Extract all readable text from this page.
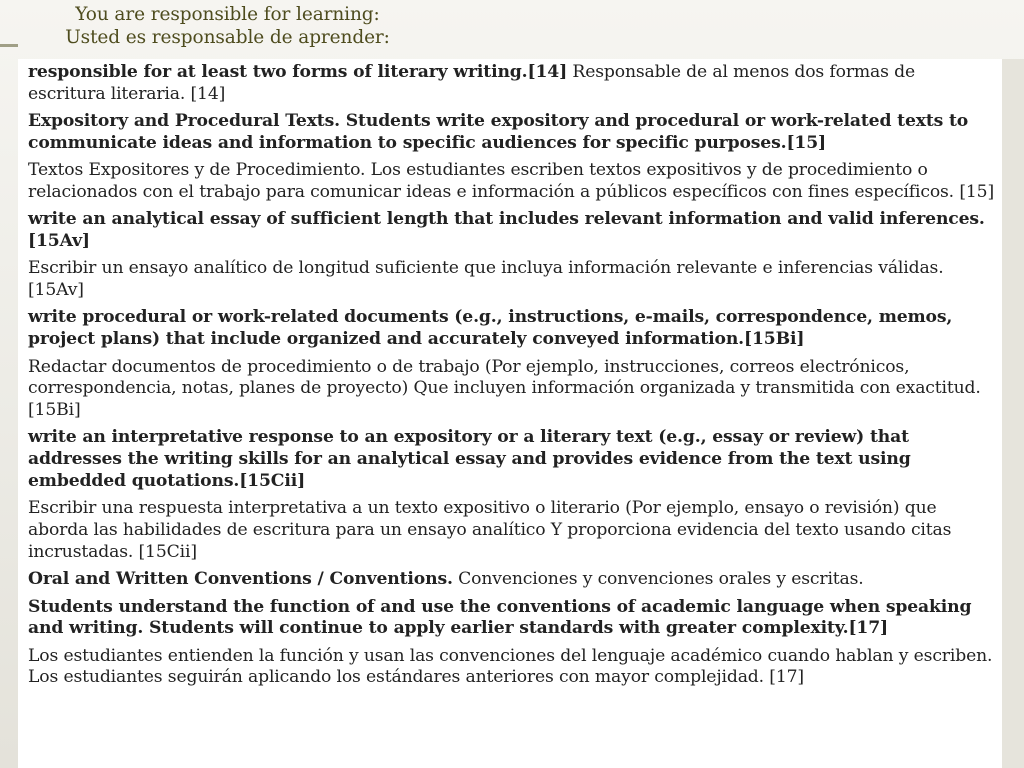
You are responsible for learning:
Usted es responsable de aprender:

responsible for at least two forms of literary writing.[14] Responsable de al menos dos formas de escritura literaria. [14]

Expository and Procedural Texts. Students write expository and procedural or work-related texts to communicate ideas and information to specific audiences for specific purposes.[15]

Textos Expositores y de Procedimiento. Los estudiantes escriben textos expositivos y de procedimiento o relacionados con el trabajo para comunicar ideas e información a públicos específicos con fines específicos. [15]

write an analytical essay of sufficient length that includes relevant information and valid inferences.[15Av]

Escribir un ensayo analítico de longitud suficiente que incluya información relevante e inferencias válidas. [15Av]

write procedural or work-related documents (e.g., instructions, e-mails, correspondence, memos, project plans) that include organized and accurately conveyed information.[15Bi]

Redactar documentos de procedimiento o de trabajo (Por ejemplo, instrucciones, correos electrónicos, correspondencia, notas, planes de proyecto) Que incluyen información organizada y transmitida con exactitud. [15Bi]

write an interpretative response to an expository or a literary text (e.g., essay or review) that addresses the writing skills for an analytical essay and provides evidence from the text using embedded quotations.[15Cii]

Escribir una respuesta interpretativa a un texto expositivo o literario (Por ejemplo, ensayo o revisión) que aborda las habilidades de escritura para un ensayo analítico Y proporciona evidencia del texto usando citas incrustadas. [15Cii]

Oral and Written Conventions / Conventions. Convenciones y convenciones orales y escritas.

Students understand the function of and use the conventions of academic language when speaking and writing. Students will continue to apply earlier standards with greater complexity.[17]

Los estudiantes entienden la función y usan las convenciones del lenguaje académico cuando hablan y escriben. Los estudiantes seguirán aplicando los estándares anteriores con mayor complejidad. [17]
